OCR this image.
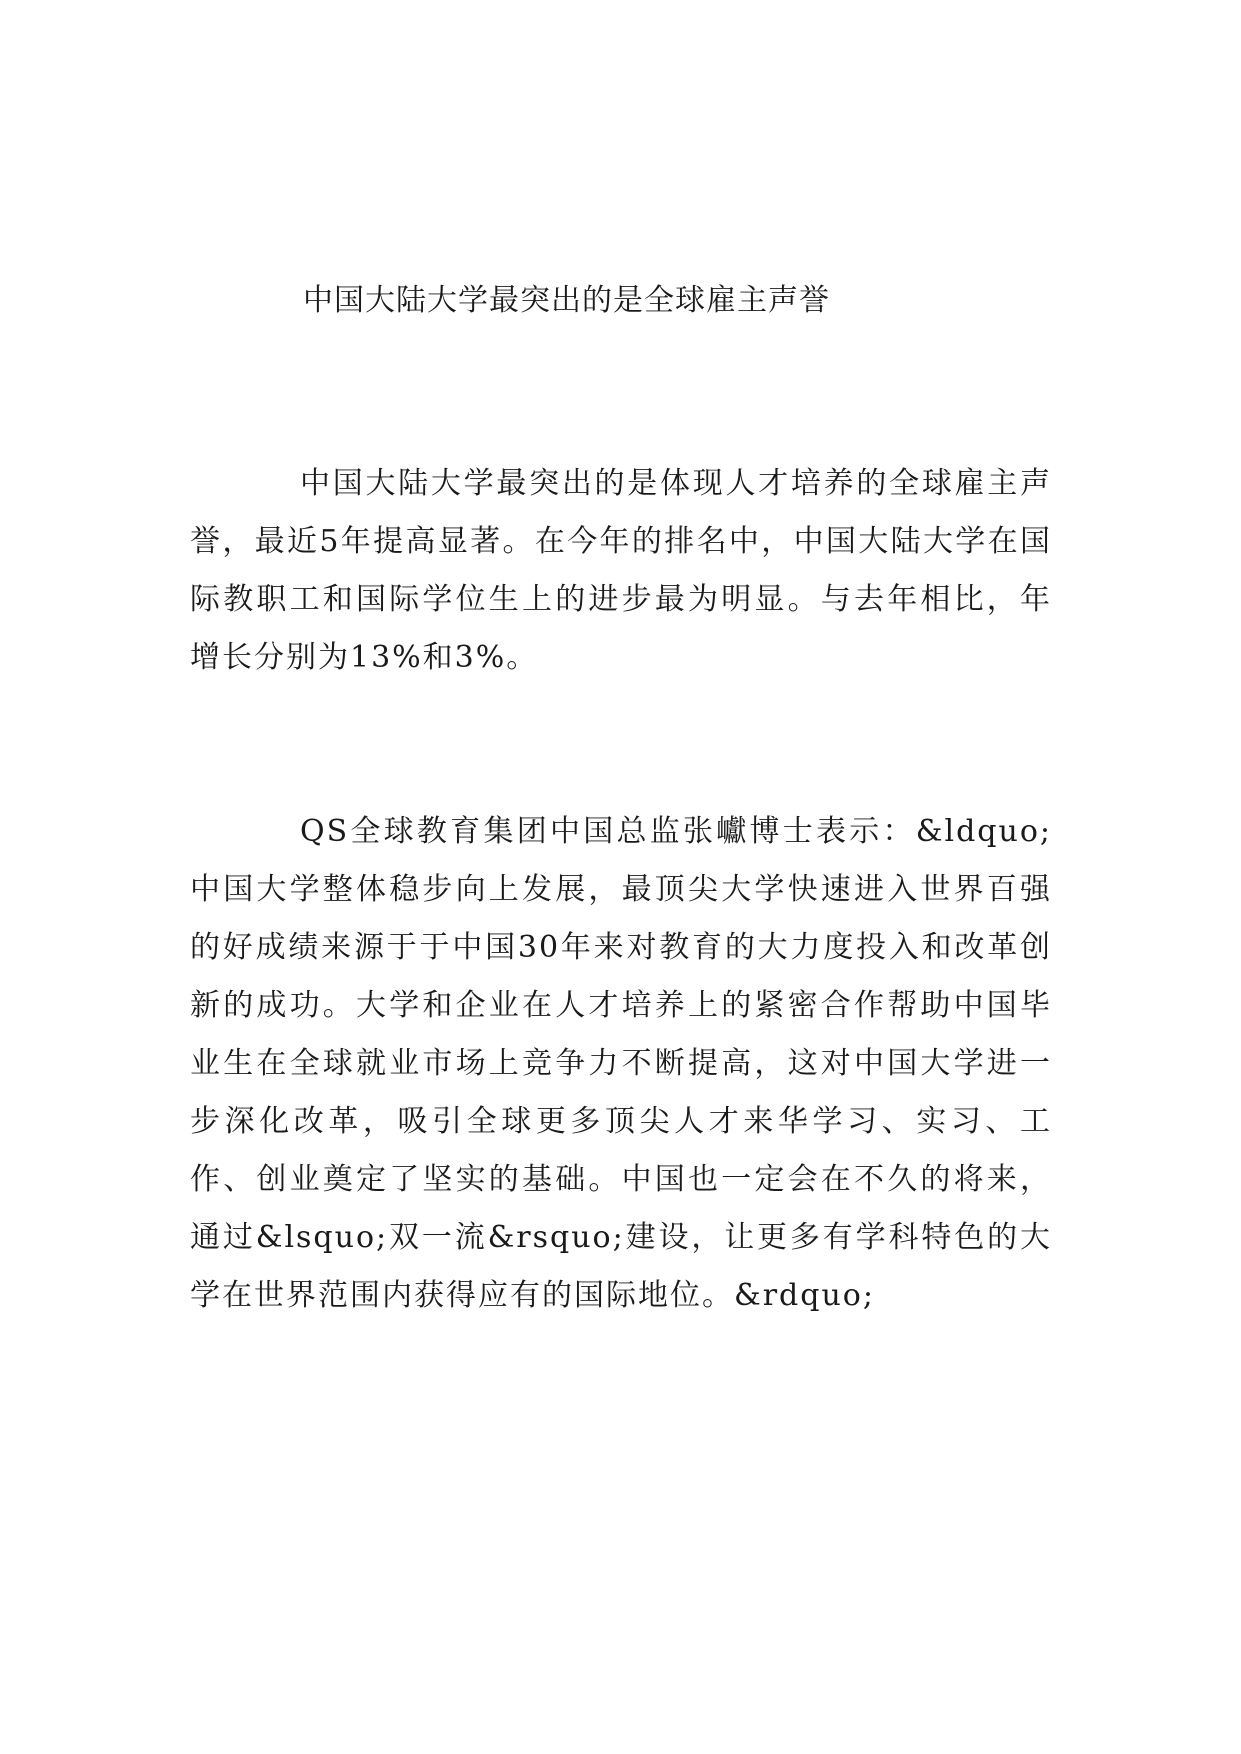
中国大陆大学最突出的是全球雇主声誉

中国大陆大学最突出的是体现人才培养的全球雇主声誉，最近5年提高显著。在今年的排名中，中国大陆大学在国际教职工和国际学位生上的进步最为明显。与去年相比，年增长分别为13%和3%。

QS全球教育集团中国总监张巘博士表示：&ldquo;中国大学整体稳步向上发展，最顶尖大学快速进入世界百强的好成绩来源于于中国30年来对教育的大力度投入和改革创新的成功。大学和企业在人才培养上的紧密合作帮助中国毕业生在全球就业市场上竞争力不断提高，这对中国大学进一步深化改革，吸引全球更多顶尖人才来华学习、实习、工作、创业奠定了坚实的基础。中国也一定会在不久的将来，通过&lsquo;双一流&rsquo;建设，让更多有学科特色的大学在世界范围内获得应有的国际地位。&rdquo;
